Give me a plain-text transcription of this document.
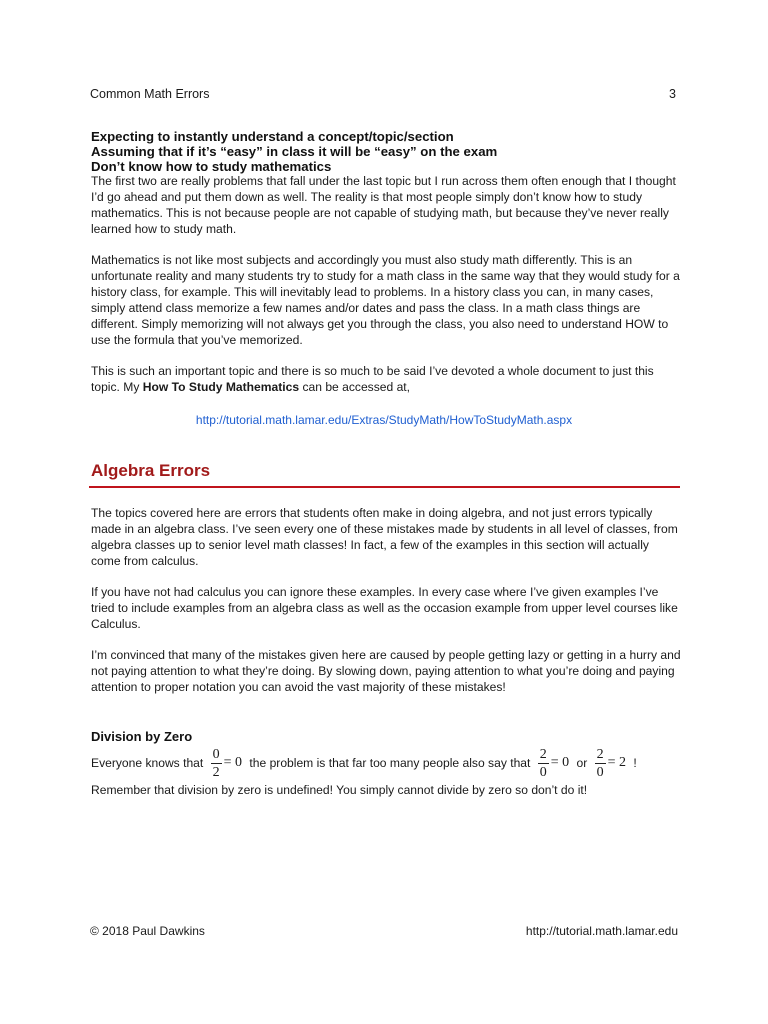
Common Math Errors	3
Expecting to instantly understand a concept/topic/section
Assuming that if it’s “easy” in class it will be “easy” on the exam
Don’t know how to study mathematics

The first two are really problems that fall under the last topic but I run across them often enough that I thought I’d go ahead and put them down as well. The reality is that most people simply don’t know how to study mathematics. This is not because people are not capable of studying math, but because they’ve never really learned how to study math.

Mathematics is not like most subjects and accordingly you must also study math differently. This is an unfortunate reality and many students try to study for a math class in the same way that they would study for a history class, for example. This will inevitably lead to problems. In a history class you can, in many cases, simply attend class memorize a few names and/or dates and pass the class. In a math class things are different. Simply memorizing will not always get you through the class, you also need to understand HOW to use the formula that you’ve memorized.

This is such an important topic and there is so much to be said I’ve devoted a whole document to just this topic. My How To Study Mathematics can be accessed at,

http://tutorial.math.lamar.edu/Extras/StudyMath/HowToStudyMath.aspx
Algebra Errors

The topics covered here are errors that students often make in doing algebra, and not just errors typically made in an algebra class. I’ve seen every one of these mistakes made by students in all level of classes, from algebra classes up to senior level math classes! In fact, a few of the examples in this section will actually come from calculus.

If you have not had calculus you can ignore these examples. In every case where I’ve given examples I’ve tried to include examples from an algebra class as well as the occasion example from upper level courses like Calculus.

I’m convinced that many of the mistakes given here are caused by people getting lazy or getting in a hurry and not paying attention to what they’re doing. By slowing down, paying attention to what you’re doing and paying attention to proper notation you can avoid the vast majority of these mistakes!

Division by Zero
Everyone knows that $\frac{0}{2} = 0$ the problem is that far too many people also say that $\frac{2}{0} = 0$ or $\frac{2}{0} = 2$ !

Remember that division by zero is undefined! You simply cannot divide by zero so don’t do it!

© 2018 Paul Dawkins	http://tutorial.math.lamar.edu
